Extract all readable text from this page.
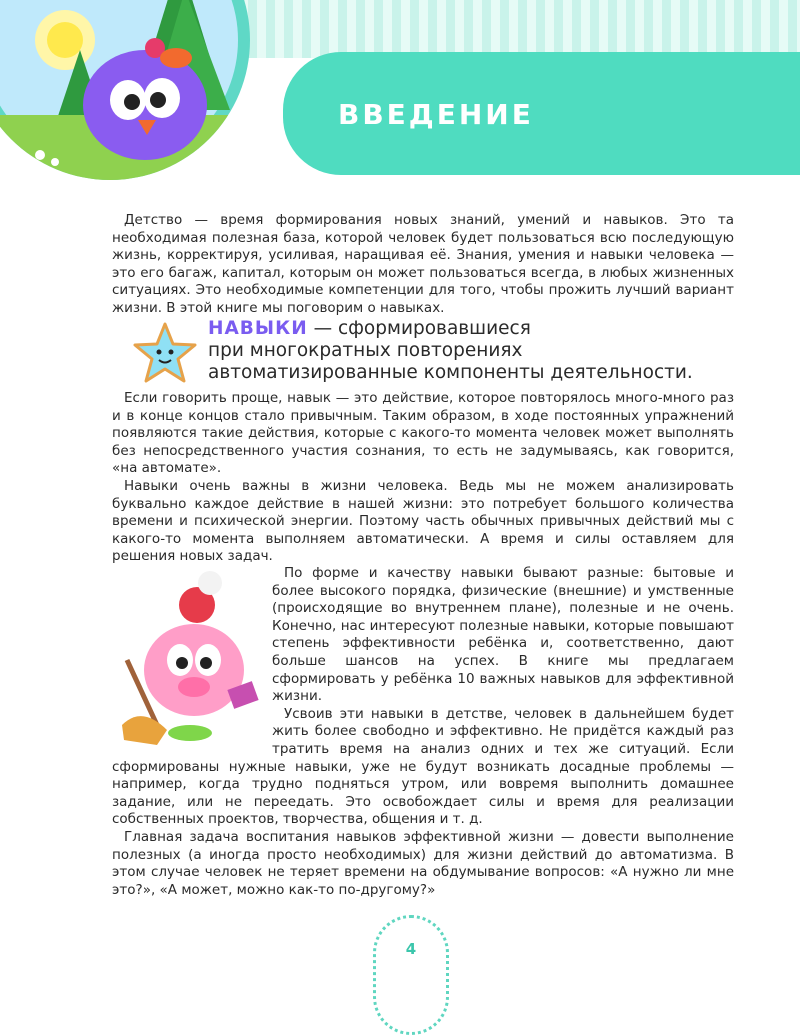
ВВЕДЕНИЕ

Детство — время формирования новых знаний, умений и навыков. Это та необходимая полезная база, которой человек будет пользоваться всю последующую жизнь, корректируя, усиливая, наращивая её. Знания, умения и навыки человека — это его багаж, капитал, которым он может пользоваться всегда, в любых жизненных ситуациях. Это необходимые компетенции для того, чтобы прожить лучший вариант жизни. В этой книге мы поговорим о навыках.

НАВЫКИ — сформировавшиеся
при многократных повторениях
автоматизированные компоненты деятельности.

Если говорить проще, навык — это действие, которое повторялось много-много раз и в конце концов стало привычным. Таким образом, в ходе постоянных упражнений появляются такие действия, которые с какого-то момента человек может выполнять без непосредственного участия сознания, то есть не задумываясь, как говорится, «на автомате».

Навыки очень важны в жизни человека. Ведь мы не можем анализировать буквально каждое действие в нашей жизни: это потребует большого количества времени и психической энергии. Поэтому часть обычных привычных действий мы с какого-то момента выполняем автоматически. А время и силы оставляем для решения новых задач.

По форме и качеству навыки бывают разные: бытовые и более высокого порядка, физические (внешние) и умственные (происходящие во внутреннем плане), полезные и не очень. Конечно, нас интересуют полезные навыки, которые повышают степень эффективности ребёнка и, соответственно, дают больше шансов на успех. В книге мы предлагаем сформировать у ребёнка 10 важных навыков для эффективной жизни.

Усвоив эти навыки в детстве, человек в дальнейшем будет жить более свободно и эффективно. Не придётся каждый раз тратить время на анализ одних и тех же ситуаций. Если сформированы нужные навыки, уже не будут возникать досадные проблемы — например, когда трудно подняться утром, или вовремя выполнить домашнее задание, или не переедать. Это освобождает силы и время для реализации собственных проектов, творчества, общения и т. д.

Главная задача воспитания навыков эффективной жизни — довести выполнение полезных (а иногда просто необходимых) для жизни действий до автоматизма. В этом случае человек не теряет времени на обдумывание вопросов: «А нужно ли мне это?», «А может, можно как-то по-другому?»

4
